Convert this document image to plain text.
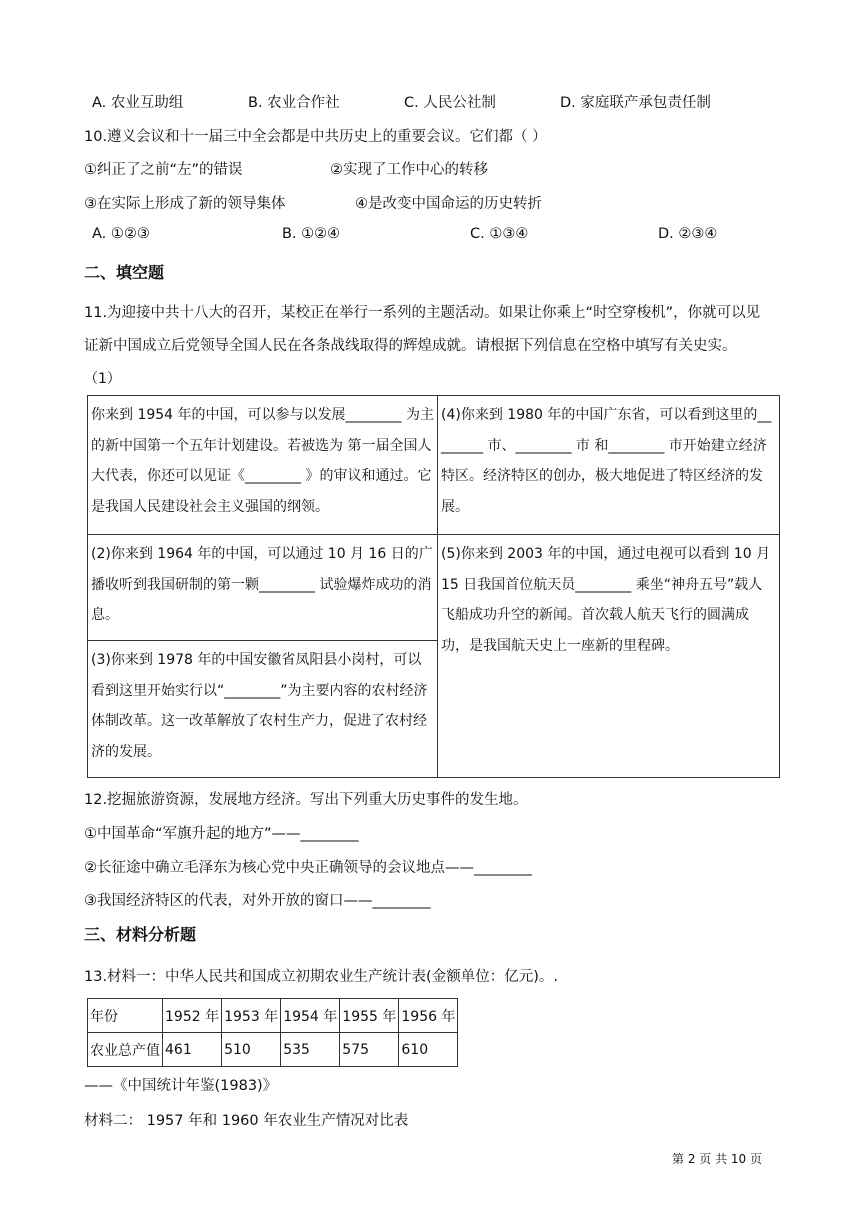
A. 农业互助组	B. 农业合作社	C. 人民公社制	D. 家庭联产承包责任制
10.遵义会议和十一届三中全会都是中共历史上的重要会议。它们都（ ）
①纠正了之前“左”的错误	②实现了工作中心的转移
③在实际上形成了新的领导集体	④是改变中国命运的历史转折
A. ①②③	B. ①②④	C. ①③④	D. ②③④
二、填空题
11.为迎接中共十八大的召开，某校正在举行一系列的主题活动。如果让你乘上“时空穿梭机”，你就可以见
证新中国成立后党领导全国人民在各条战线取得的辉煌成就。请根据下列信息在空格中填写有关史实。
（1）
你来到 1954 年的中国，可以参与以发展________ 为主的新中国第一个五年计划建设。若被选为 第一届全国人大代表，你还可以见证《________ 》的审议和通过。它是我国人民建设社会主义强国的纲领。	(4)你来到 1980 年的中国广东省，可以看到这里的________ 市、________ 市 和________ 市开始建立经济特区。经济特区的创办，极大地促进了特区经济的发展。

(2)你来到 1964 年的中国，可以通过 10 月 16 日的广播收听到我国研制的第一颗________ 试验爆炸成功的消息。	(5)你来到 2003 年的中国，通过电视可以看到 10 月 15 日我国首位航天员________ 乘坐“神舟五号”载人飞船成功升空的新闻。首次载人航天飞行的圆满成功，是我国航天史上一座新的里程碑。

(3)你来到 1978 年的中国安徽省凤阳县小岗村，可以看到这里开始实行以“________”为主要内容的农村经济体制改革。这一改革解放了农村生产力，促进了农村经济的发展。	
12.挖掘旅游资源，发展地方经济。写出下列重大历史事件的发生地。
①中国革命“军旗升起的地方”——________
②长征途中确立毛泽东为核心党中央正确领导的会议地点——________
③我国经济特区的代表，对外开放的窗口——________
三、材料分析题
13.材料一：中华人民共和国成立初期农业生产统计表(金额单位：亿元)。.
年份	1952 年	1953 年	1954 年	1955 年	1956 年
农业总产值	461	510	535	575	610
——《中国统计年鉴(1983)》
材料二： 1957 年和 1960 年农业生产情况对比表
第 2 页 共 10 页
